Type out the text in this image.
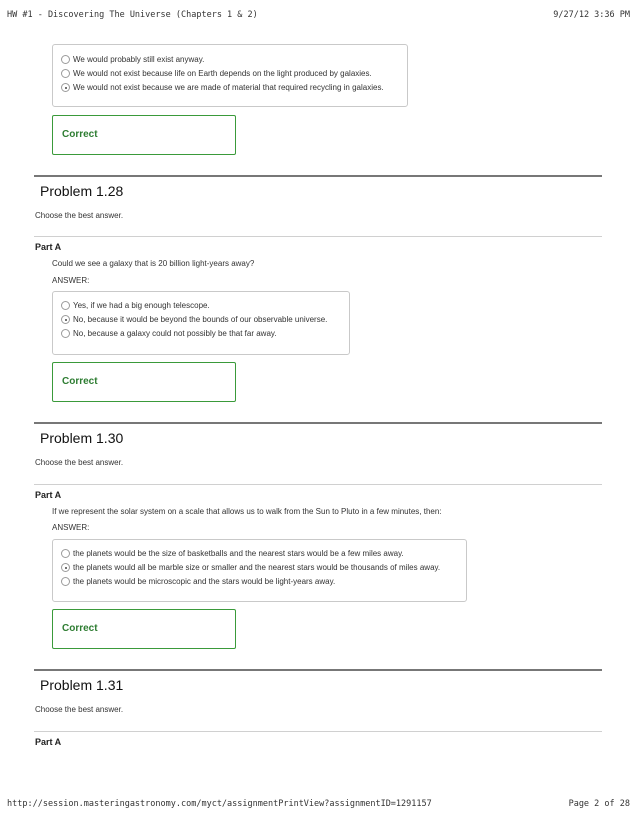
HW #1 - Discovering The Universe (Chapters 1 & 2)	9/27/12 3:36 PM
We would probably still exist anyway.
We would not exist because life on Earth depends on the light produced by galaxies.
We would not exist because we are made of material that required recycling in galaxies.
Correct
Problem 1.28
Choose the best answer.
Part A
Could we see a galaxy that is 20 billion light-years away?
ANSWER:
Yes, if we had a big enough telescope.
No, because it would be beyond the bounds of our observable universe.
No, because a galaxy could not possibly be that far away.
Correct
Problem 1.30
Choose the best answer.
Part A
If we represent the solar system on a scale that allows us to walk from the Sun to Pluto in a few minutes, then:
ANSWER:
the planets would be the size of basketballs and the nearest stars would be a few miles away.
the planets would all be marble size or smaller and the nearest stars would be thousands of miles away.
the planets would be microscopic and the stars would be light-years away.
Correct
Problem 1.31
Choose the best answer.
Part A
http://session.masteringastronomy.com/myct/assignmentPrintView?assignmentID=1291157	Page 2 of 28
